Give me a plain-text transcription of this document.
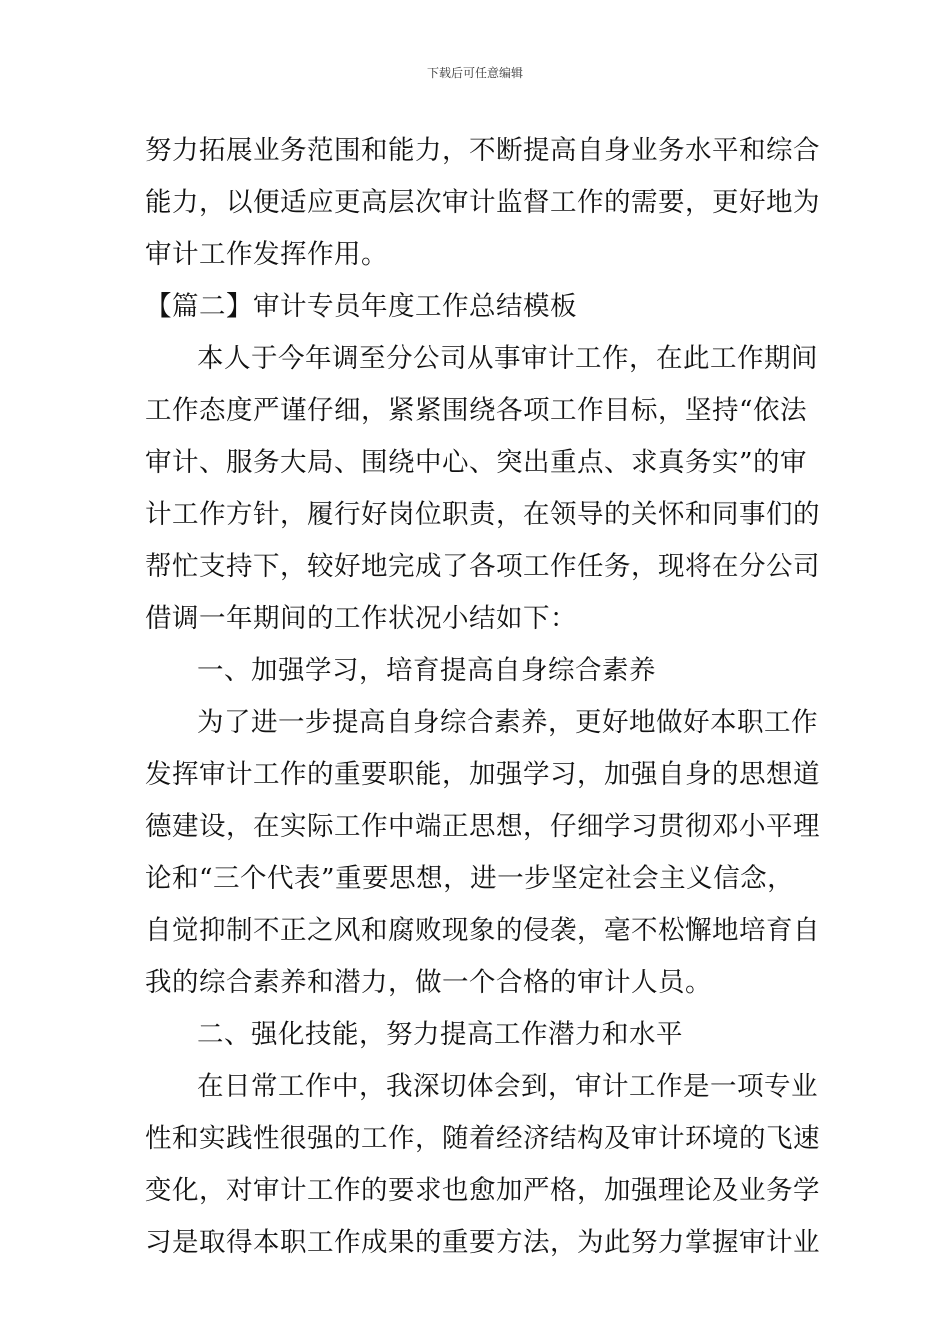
下载后可任意编辑
努力拓展业务范围和能力，不断提高自身业务水平和综合
能力，以便适应更高层次审计监督工作的需要，更好地为
审计工作发挥作用。
【篇二】审计专员年度工作总结模板
本人于今年调至分公司从事审计工作，在此工作期间
工作态度严谨仔细，紧紧围绕各项工作目标，坚持“依法
审计、服务大局、围绕中心、突出重点、求真务实”的审
计工作方针，履行好岗位职责，在领导的关怀和同事们的
帮忙支持下，较好地完成了各项工作任务，现将在分公司
借调一年期间的工作状况小结如下：
一、加强学习，培育提高自身综合素养
为了进一步提高自身综合素养，更好地做好本职工作
发挥审计工作的重要职能，加强学习，加强自身的思想道
德建设，在实际工作中端正思想，仔细学习贯彻邓小平理
论和“三个代表”重要思想，进一步坚定社会主义信念，
自觉抑制不正之风和腐败现象的侵袭，毫不松懈地培育自
我的综合素养和潜力，做一个合格的审计人员。
二、强化技能，努力提高工作潜力和水平
在日常工作中，我深切体会到，审计工作是一项专业
性和实践性很强的工作，随着经济结构及审计环境的飞速
变化，对审计工作的要求也愈加严格，加强理论及业务学
习是取得本职工作成果的重要方法，为此努力掌握审计业
